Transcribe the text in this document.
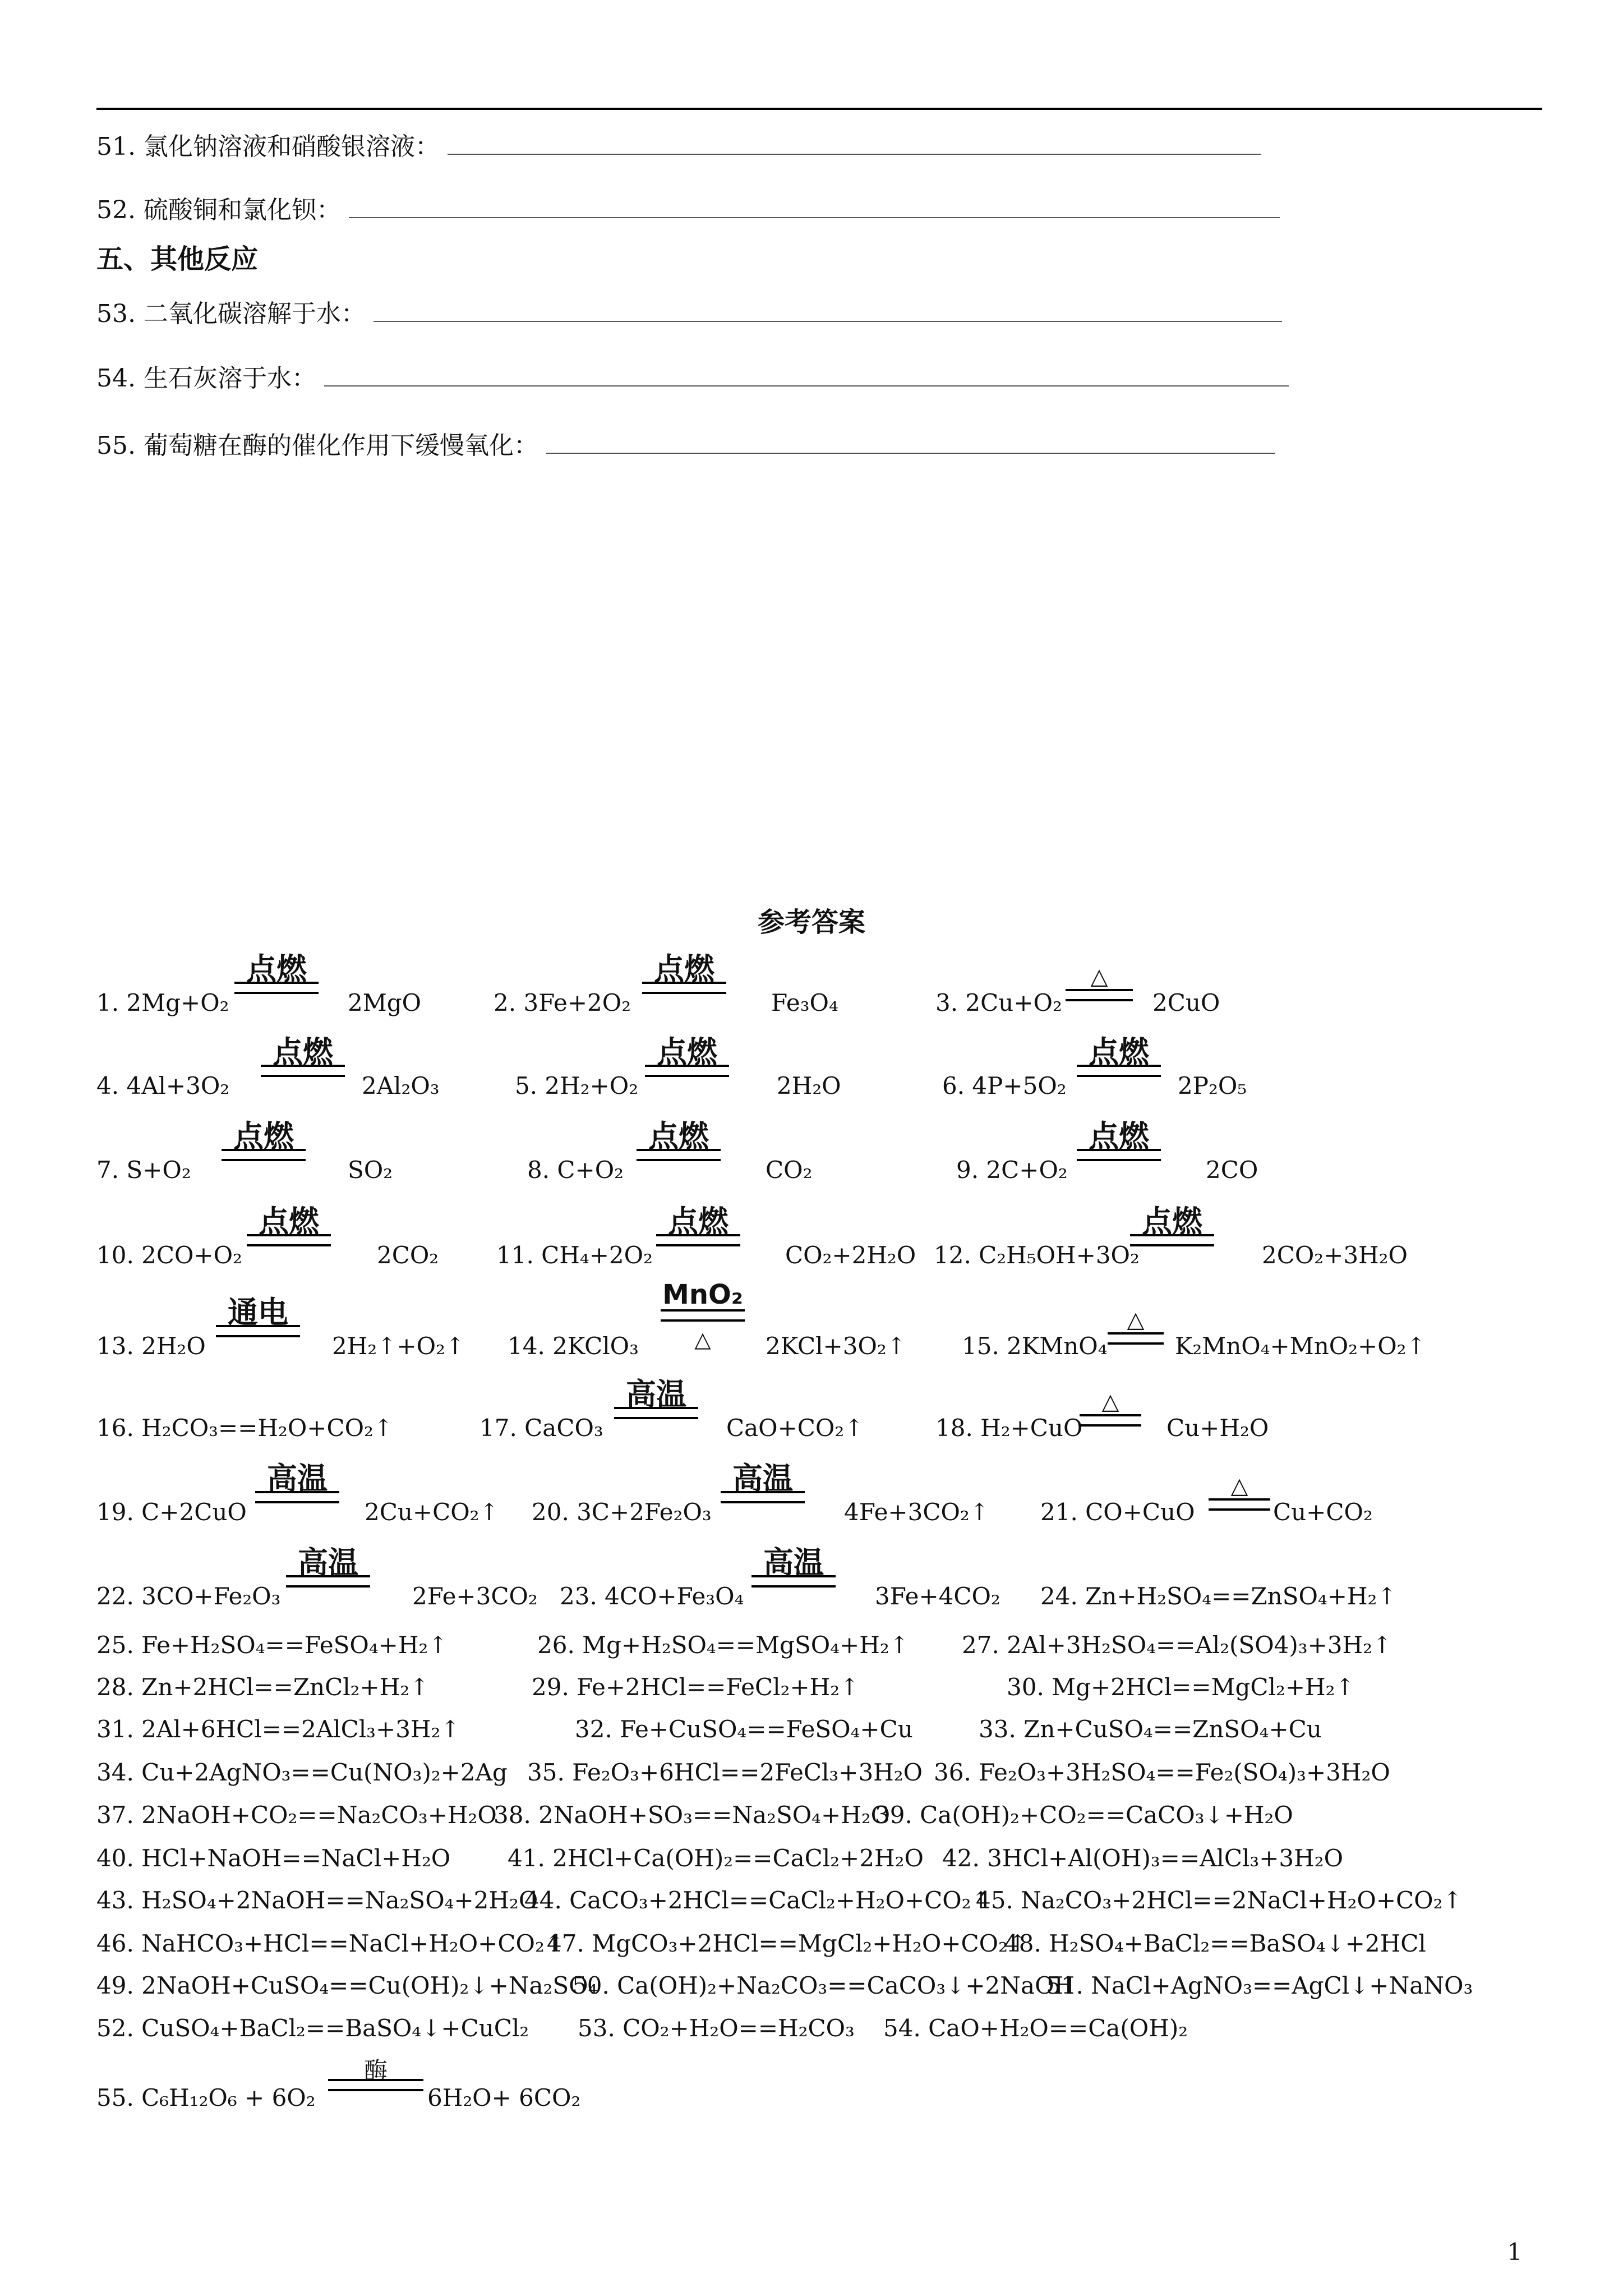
51. 氯化钠溶液和硝酸银溶液：
52. 硫酸铜和氯化钡：
五、其他反应
53. 二氧化碳溶解于水：
54. 生石灰溶于水：
55. 葡萄糖在酶的催化作用下缓慢氧化：
参考答案
1. 2Mg+O₂
点燃
2MgO	2. 3Fe+2O₂
点燃
Fe₃O₄	3. 2Cu+O₂
△
2CuO
4. 4Al+3O₂
点燃
2Al₂O₃	5. 2H₂+O₂
点燃
2H₂O	6. 4P+5O₂
点燃
2P₂O₅
7. S+O₂
点燃
SO₂	8. C+O₂
点燃
CO₂	9. 2C+O₂
点燃
2CO
10. 2CO+O₂
点燃
2CO₂ 11. CH₄+2O₂
点燃
CO₂+2H₂O 12. C₂H₅OH+3O₂
点燃
2CO₂+3H₂O
13. 2H₂O
通电
2H₂↑+O₂↑ 14. 2KClO₃
MnO₂
△	2KCl+3O₂↑ 15. 2KMnO₄
△
K₂MnO₄+MnO₂+O₂↑
16. H₂CO₃==H₂O+CO₂↑	17. CaCO₃
高温
CaO+CO₂↑	18. H₂+CuO
△
Cu+H₂O
19. C+2CuO
高温
2Cu+CO₂↑ 20. 3C+2Fe₂O₃
高温
4Fe+3CO₂↑ 21. CO+CuO
△
Cu+CO₂
22. 3CO+Fe₂O₃
高温
2Fe+3CO₂ 23. 4CO+Fe₃O₄
高温
3Fe+4CO₂ 24. Zn+H₂SO₄==ZnSO₄+H₂↑
25. Fe+H₂SO₄==FeSO₄+H₂↑	26. Mg+H₂SO₄==MgSO₄+H₂↑ 27. 2Al+3H₂SO₄==Al₂(SO4)₃+3H₂↑
28. Zn+2HCl==ZnCl₂+H₂↑	29. Fe+2HCl==FeCl₂+H₂↑	30. Mg+2HCl==MgCl₂+H₂↑
31. 2Al+6HCl==2AlCl₃+3H₂↑	32. Fe+CuSO₄==FeSO₄+Cu	33. Zn+CuSO₄==ZnSO₄+Cu
34. Cu+2AgNO₃==Cu(NO₃)₂+2Ag 35. Fe₂O₃+6HCl==2FeCl₃+3H₂O 36. Fe₂O₃+3H₂SO₄==Fe₂(SO₄)₃+3H₂O
37. 2NaOH+CO₂==Na₂CO₃+H₂O
38. 2NaOH+SO₃==Na₂SO₄+H₂O
39. Ca(OH)₂+CO₂==CaCO₃↓+H₂O
40. HCl+NaOH==NaCl+H₂O 41. 2HCl+Ca(OH)₂==CaCl₂+2H₂O 42. 3HCl+Al(OH)₃==AlCl₃+3H₂O
43. H₂SO₄+2NaOH==Na₂SO₄+2H₂O
44. CaCO₃+2HCl==CaCl₂+H₂O+CO₂↑
45. Na₂CO₃+2HCl==2NaCl+H₂O+CO₂↑
46. NaHCO₃+HCl==NaCl+H₂O+CO₂↑
47. MgCO₃+2HCl==MgCl₂+H₂O+CO₂↑
48. H₂SO₄+BaCl₂==BaSO₄↓+2HCl
49. 2NaOH+CuSO₄==Cu(OH)₂↓+Na₂SO₄
50. Ca(OH)₂+Na₂CO₃==CaCO₃↓+2NaOH
51. NaCl+AgNO₃==AgCl↓+NaNO₃
52. CuSO₄+BaCl₂==BaSO₄↓+CuCl₂ 53. CO₂+H₂O==H₂CO₃ 54. CaO+H₂O==Ca(OH)₂
55. C₆H₁₂O₆ + 6O₂
酶
6H₂O+ 6CO₂
1
